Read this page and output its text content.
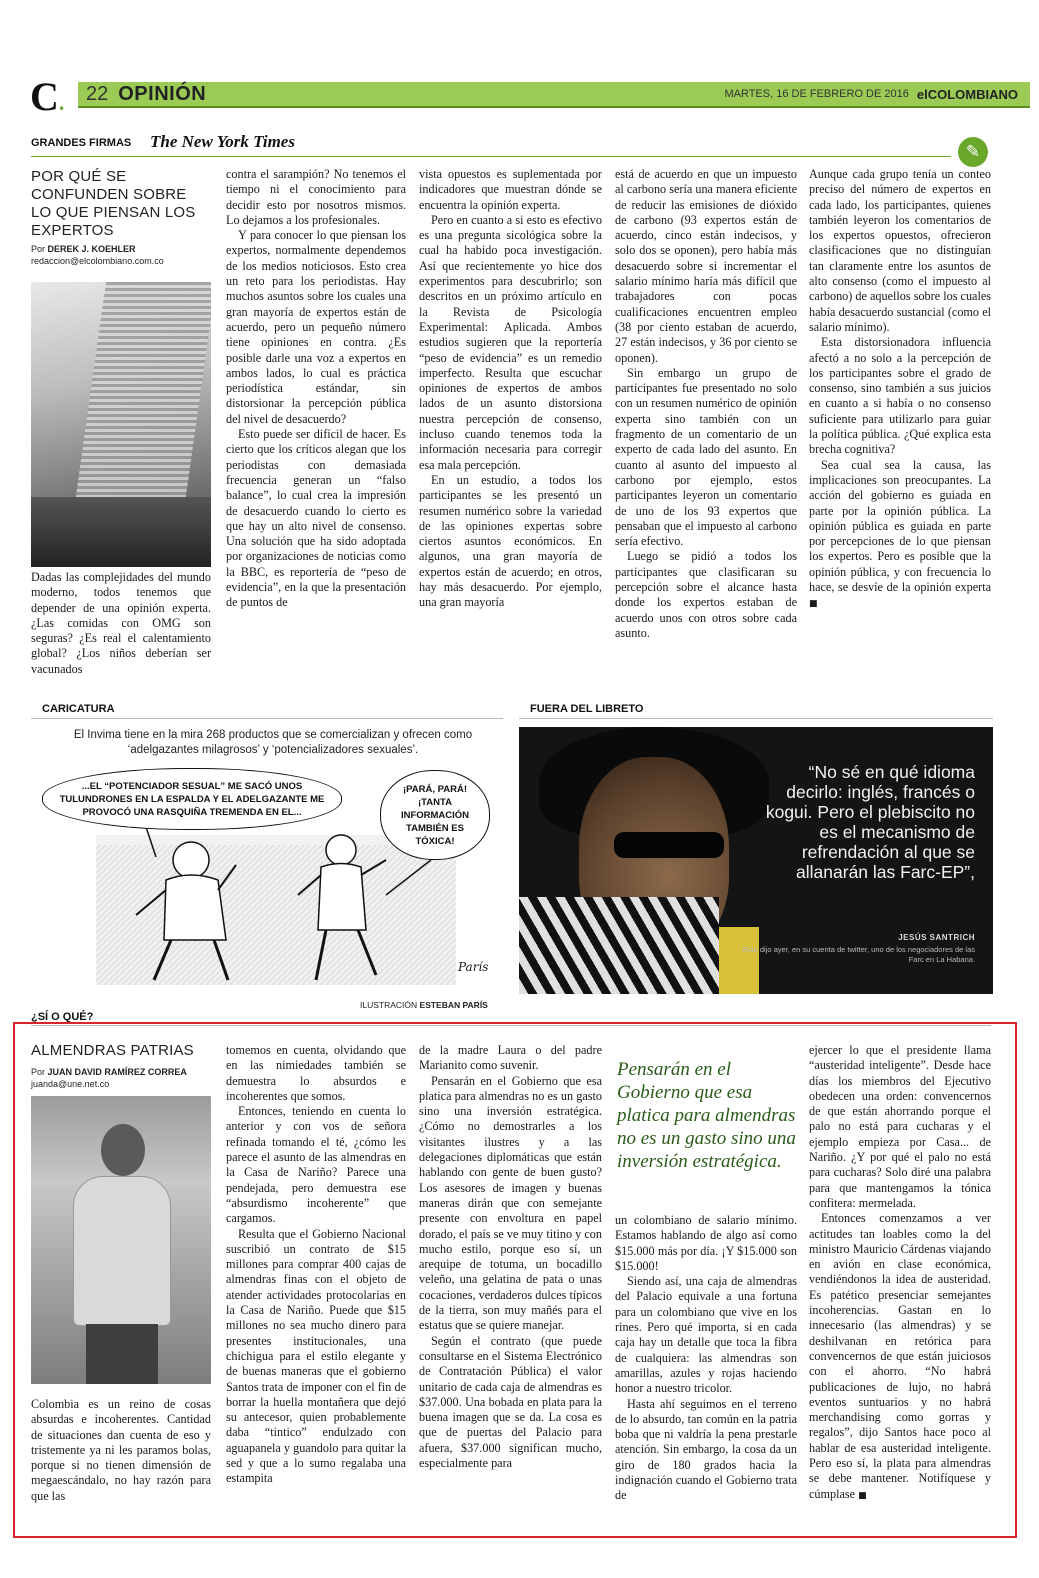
C. 22 OPINIÓN	MARTES, 16 DE FEBRERO DE 2016 elCOLOMBIANO
GRANDES FIRMAS The New York Times
✎
POR QUÉ SE CONFUNDEN SOBRE LO QUE PIENSAN LOS EXPERTOS
Por DEREK J. KOEHLER
redaccion@elcolombiano.com.co

Dadas las complejidades del mundo moderno, todos tenemos que depender de una opinión experta. ¿Las comidas con OMG son seguras? ¿Es real el calentamiento global? ¿Los niños deberían ser vacunados

contra el sarampión? No tenemos el tiempo ni el conocimiento para decidir esto por nosotros mismos. Lo dejamos a los profesionales.

Y para conocer lo que piensan los expertos, normalmente dependemos de los medios noticiosos. Esto crea un reto para los periodistas. Hay muchos asuntos sobre los cuales una gran mayoría de expertos están de acuerdo, pero un pequeño número tiene opiniones en contra. ¿Es posible darle una voz a expertos en ambos lados, lo cual es práctica periodística estándar, sin distorsionar la percepción pública del nivel de desacuerdo?

Esto puede ser difícil de hacer. Es cierto que los críticos alegan que los periodistas con demasiada frecuencia generan un “falso balance”, lo cual crea la impresión de desacuerdo cuando lo cierto es que hay un alto nivel de consenso. Una solución que ha sido adoptada por organizaciones de noticias como la BBC, es reportería de “peso de evidencia”, en la que la presentación de puntos de

vista opuestos es suplementada por indicadores que muestran dónde se encuentra la opinión experta.

Pero en cuanto a si esto es efectivo es una pregunta sicológica sobre la cual ha habido poca investigación. Así que recientemente yo hice dos experimentos para descubrirlo; son descritos en un próximo artículo en la Revista de Psicología Experimental: Aplicada. Ambos estudios sugieren que la reportería “peso de evidencia” es un remedio imperfecto. Resulta que escuchar opiniones de expertos de ambos lados de un asunto distorsiona nuestra percepción de consenso, incluso cuando tenemos toda la información necesaria para corregir esa mala percepción.

En un estudio, a todos los participantes se les presentó un resumen numérico sobre la variedad de las opiniones expertas sobre ciertos asuntos económicos. En algunos, una gran mayoría de expertos están de acuerdo; en otros, hay más desacuerdo. Por ejemplo, una gran mayoría

está de acuerdo en que un impuesto al carbono sería una manera eficiente de reducir las emisiones de dióxido de carbono (93 expertos están de acuerdo, cinco están indecisos, y solo dos se oponen), pero había más desacuerdo sobre si incrementar el salario mínimo haría más difícil que trabajadores con pocas cualificaciones encuentren empleo (38 por ciento estaban de acuerdo, 27 están indecisos, y 36 por ciento se oponen).

Sin embargo un grupo de participantes fue presentado no solo con un resumen numérico de opinión experta sino también con un fragmento de un comentario de un experto de cada lado del asunto. En cuanto al asunto del impuesto al carbono por ejemplo, estos participantes leyeron un comentario de uno de los 93 expertos que pensaban que el impuesto al carbono sería efectivo.

Luego se pidió a todos los participantes que clasificaran su percepción sobre el alcance hasta donde los expertos estaban de acuerdo unos con otros sobre cada asunto.

Aunque cada grupo tenía un conteo preciso del número de expertos en cada lado, los participantes, quienes también leyeron los comentarios de los expertos opuestos, ofrecieron clasificaciones que no distinguían tan claramente entre los asuntos de alto consenso (como el impuesto al carbono) de aquellos sobre los cuales había desacuerdo sustancial (como el salario mínimo).

Esta distorsionadora influencia afectó a no solo a la percepción de los participantes sobre el grado de consenso, sino también a sus juicios en cuanto a si había o no consenso suficiente para utilizarlo para guiar la política pública. ¿Qué explica esta brecha cognitiva?

Sea cual sea la causa, las implicaciones son preocupantes. La acción del gobierno es guiada en parte por la opinión pública. La opinión pública es guiada en parte por percepciones de lo que piensan los expertos. Pero es posible que la opinión pública, y con frecuencia lo hace, se desvíe de la opinión experta ■

CARICATURA
El Invima tiene en la mira 268 productos que se comercializan y ofrecen como ‘adelgazantes milagrosos’ y ‘potencializadores sexuales’.
...EL “POTENCIADOR SESUAL” ME SACÓ UNOS TULUNDRONES EN LA ESPALDA Y EL ADELGAZANTE ME PROVOCÓ UNA RASQUIÑA TREMENDA EN EL...
¡PARÁ, PARÁ! ¡TANTA INFORMACIÓN TAMBIÉN ES TÓXICA!
París
ILUSTRACIÓN ESTEBAN PARÍS
FUERA DEL LIBRETO
“No sé en qué idioma decirlo: inglés, francés o kogui. Pero el plebiscito no es el mecanismo de refrendación al que se allanarán las Farc-EP”,
JESÚS SANTRICH
Esto dijo ayer, en su cuenta de twitter, uno de los negociadores de las Farc en La Habana.
¿SÍ O QUÉ?
ALMENDRAS PATRIAS
Por JUAN DAVID RAMÍREZ CORREA
juanda@une.net.co

Colombia es un reino de cosas absurdas e incoherentes. Cantidad de situaciones dan cuenta de eso y tristemente ya ni les paramos bolas, porque si no tienen dimensión de megaescándalo, no hay razón para que las

tomemos en cuenta, olvidando que en las nimiedades también se demuestra lo absurdos e incoherentes que somos.

Entonces, teniendo en cuenta lo anterior y con vos de señora refinada tomando el té, ¿cómo les parece el asunto de las almendras en la Casa de Nariño? Parece una pendejada, pero demuestra ese “absurdismo incoherente” que cargamos.

Resulta que el Gobierno Nacional suscribió un contrato de $15 millones para comprar 400 cajas de almendras finas con el objeto de atender actividades protocolarias en la Casa de Nariño. Puede que $15 millones no sea mucho dinero para presentes institucionales, una chichigua para el estilo elegante y de buenas maneras que el gobierno Santos trata de imponer con el fin de borrar la huella montañera que dejó su antecesor, quien probablemente daba “tintico” endulzado con aguapanela y guandolo para quitar la sed y que a lo sumo regalaba una estampita

de la madre Laura o del padre Marianito como suvenir.

Pensarán en el Gobierno que esa platica para almendras no es un gasto sino una inversión estratégica. ¿Cómo no demostrarles a los visitantes ilustres y a las delegaciones diplomáticas que están hablando con gente de buen gusto? Los asesores de imagen y buenas maneras dirán que con semejante presente con envoltura en papel dorado, el país se ve muy titino y con mucho estilo, porque eso sí, un arequipe de totuma, un bocadillo veleño, una gelatina de pata o unas cocaciones, verdaderos dulces típicos de la tierra, son muy mañés para el estatus que se quiere manejar.

Según el contrato (que puede consultarse en el Sistema Electrónico de Contratación Pública) el valor unitario de cada caja de almendras es $37.000. Una bobada en plata para la buena imagen que se da. La cosa es que de puertas del Palacio para afuera, $37.000 significan mucho, especialmente para

Pensarán en el Gobierno que esa platica para almendras no es un gasto sino una inversión estratégica.

un colombiano de salario mínimo. Estamos hablando de algo así como $15.000 más por día. ¡Y $15.000 son $15.000!

Siendo así, una caja de almendras del Palacio equivale a una fortuna para un colombiano que vive en los rines. Pero qué importa, si en cada caja hay un detalle que toca la fibra de cualquiera: las almendras son amarillas, azules y rojas haciendo honor a nuestro tricolor.

Hasta ahí seguimos en el terreno de lo absurdo, tan común en la patria boba que ni valdría la pena prestarle atención. Sin embargo, la cosa da un giro de 180 grados hacia la indignación cuando el Gobierno trata de

ejercer lo que el presidente llama “austeridad inteligente”. Desde hace días los miembros del Ejecutivo obedecen una orden: convencernos de que están ahorrando porque el palo no está para cucharas y el ejemplo empieza por Casa... de Nariño. ¿Y por qué el palo no está para cucharas? Solo diré una palabra para que mantengamos la tónica confitera: mermelada.

Entonces comenzamos a ver actitudes tan loables como la del ministro Mauricio Cárdenas viajando en avión en clase económica, vendiéndonos la idea de austeridad. Es patético presenciar semejantes incoherencias. Gastan en lo innecesario (las almendras) y se deshilvanan en retórica para convencernos de que están juiciosos con el ahorro. “No habrá publicaciones de lujo, no habrá eventos suntuarios y no habrá merchandising como gorras y regalos”, dijo Santos hace poco al hablar de esa austeridad inteligente. Pero eso sí, la plata para almendras se debe mantener. Notifíquese y cúmplase ■
